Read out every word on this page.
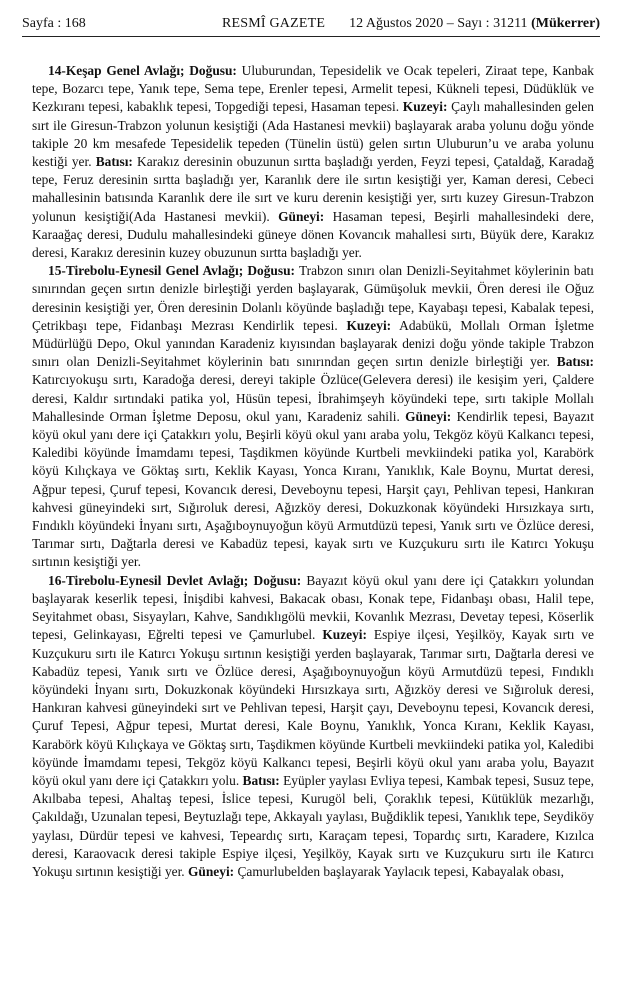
Sayfa : 168	RESMÎ GAZETE 12 Ağustos 2020 – Sayı : 31211 (Mükerrer)

14-Keşap Genel Avlağı; Doğusu: Uluburundan, Tepesidelik ve Ocak tepeleri, Ziraat tepe, Kanbak tepe, Bozarcı tepe, Yanık tepe, Sema tepe, Erenler tepesi, Armelit tepesi, Kükneli tepesi, Düdüklük ve Kezkıranı tepesi, kabaklık tepesi, Topgediği tepesi, Hasaman tepesi. Kuzeyi: Çaylı mahallesinden gelen sırt ile Giresun-Trabzon yolunun kesiştiği (Ada Hastanesi mevkii) başlayarak araba yolunu doğu yönde takiple 20 km mesafede Tepesidelik tepeden (Tünelin üstü) gelen sırtın Uluburun’u ve araba yolunu kestiği yer. Batısı: Karakız deresinin obuzunun sırtta başladığı yerden, Feyzi tepesi, Çataldağ, Karadağ tepe, Feruz deresinin sırtta başladığı yer, Karanlık dere ile sırtın kesiştiği yer, Kaman deresi, Cebeci mahallesinin batısında Karanlık dere ile sırt ve kuru derenin kesiştiği yer, sırtı kuzey Giresun-Trabzon yolunun kesiştiği(Ada Hastanesi mevkii). Güneyi: Hasaman tepesi, Beşirli mahallesindeki dere, Karaağaç deresi, Dudulu mahallesindeki güneye dönen Kovancık mahallesi sırtı, Büyük dere, Karakız deresi, Karakız deresinin kuzey obuzunun sırtta başladığı yer.

15-Tirebolu-Eynesil Genel Avlağı; Doğusu: Trabzon sınırı olan Denizli-Seyitahmet köylerinin batı sınırından geçen sırtın denizle birleştiği yerden başlayarak, Gümüşoluk mevkii, Ören deresi ile Oğuz deresinin kesiştiği yer, Ören deresinin Dolanlı köyünde başladığı tepe, Kayabaşı tepesi, Kabalak tepesi, Çetrikbaşı tepe, Fidanbaşı Mezrası Kendirlik tepesi. Kuzeyi: Adabükü, Mollalı Orman İşletme Müdürlüğü Depo, Okul yanından Karadeniz kıyısından başlayarak denizi doğu yönde takiple Trabzon sınırı olan Denizli-Seyitahmet köylerinin batı sınırından geçen sırtın denizle birleştiği yer. Batısı: Katırcıyokuşu sırtı, Karadoğa deresi, dereyi takiple Özlüce(Gelevera deresi) ile kesişim yeri, Çaldere deresi, Kaldır sırtındaki patika yol, Hüsün tepesi, İbrahimşeyh köyündeki tepe, sırtı takiple Mollalı Mahallesinde Orman İşletme Deposu, okul yanı, Karadeniz sahili. Güneyi: Kendirlik tepesi, Bayazıt köyü okul yanı dere içi Çatakkırı yolu, Beşirli köyü okul yanı araba yolu, Tekgöz köyü Kalkancı tepesi, Kaledibi köyünde İmamdamı tepesi, Taşdikmen köyünde Kurtbeli mevkiindeki patika yol, Karabörk köyü Kılıçkaya ve Göktaş sırtı, Keklik Kayası, Yonca Kıranı, Yanıklık, Kale Boynu, Murtat deresi, Ağpur tepesi, Çuruf tepesi, Kovancık deresi, Deveboynu tepesi, Harşit çayı, Pehlivan tepesi, Hankıran kahvesi güneyindeki sırt, Sığıroluk deresi, Ağızköy deresi, Dokuzkonak köyündeki Hırsızkaya sırtı, Fındıklı köyündeki İnyanı sırtı, Aşağıboynuyoğun köyü Armutdüzü tepesi, Yanık sırtı ve Özlüce deresi, Tarımar sırtı, Dağtarla deresi ve Kabadüz tepesi, kayak sırtı ve Kuzçukuru sırtı ile Katırcı Yokuşu sırtının kesiştiği yer.

16-Tirebolu-Eynesil Devlet Avlağı; Doğusu: Bayazıt köyü okul yanı dere içi Çatakkırı yolundan başlayarak keserlik tepesi, İnişdibi kahvesi, Bakacak obası, Konak tepe, Fidanbaşı obası, Halil tepe, Seyitahmet obası, Sisyayları, Kahve, Sandıklıgölü mevkii, Kovanlık Mezrası, Devetay tepesi, Köserlik tepesi, Gelinkayası, Eğrelti tepesi ve Çamurlubel. Kuzeyi: Espiye ilçesi, Yeşilköy, Kayak sırtı ve Kuzçukuru sırtı ile Katırcı Yokuşu sırtının kesiştiği yerden başlayarak, Tarımar sırtı, Dağtarla deresi ve Kabadüz tepesi, Yanık sırtı ve Özlüce deresi, Aşağıboynuyoğun köyü Armutdüzü tepesi, Fındıklı köyündeki İnyanı sırtı, Dokuzkonak köyündeki Hırsızkaya sırtı, Ağızköy deresi ve Sığıroluk deresi, Hankıran kahvesi güneyindeki sırt ve Pehlivan tepesi, Harşit çayı, Deveboynu tepesi, Kovancık deresi, Çuruf Tepesi, Ağpur tepesi, Murtat deresi, Kale Boynu, Yanıklık, Yonca Kıranı, Keklik Kayası, Karabörk köyü Kılıçkaya ve Göktaş sırtı, Taşdikmen köyünde Kurtbeli mevkiindeki patika yol, Kaledibi köyünde İmamdamı tepesi, Tekgöz köyü Kalkancı tepesi, Beşirli köyü okul yanı araba yolu, Bayazıt köyü okul yanı dere içi Çatakkırı yolu. Batısı: Eyüpler yaylası Evliya tepesi, Kambak tepesi, Susuz tepe, Akılbaba tepesi, Ahaltaş tepesi, İslice tepesi, Kurugöl beli, Çoraklık tepesi, Kütüklük mezarlığı, Çakıldağı, Uzunalan tepesi, Beytuzlağı tepe, Akkayalı yaylası, Buğdiklik tepesi, Yanıklık tepe, Seydiköy yaylası, Dürdür tepesi ve kahvesi, Tepeardıç sırtı, Karaçam tepesi, Topardıç sırtı, Karadere, Kızılca deresi, Karaovacık deresi takiple Espiye ilçesi, Yeşilköy, Kayak sırtı ve Kuzçukuru sırtı ile Katırcı Yokuşu sırtının kesiştiği yer. Güneyi: Çamurlubelden başlayarak Yaylacık tepesi, Kabayalak obası,
